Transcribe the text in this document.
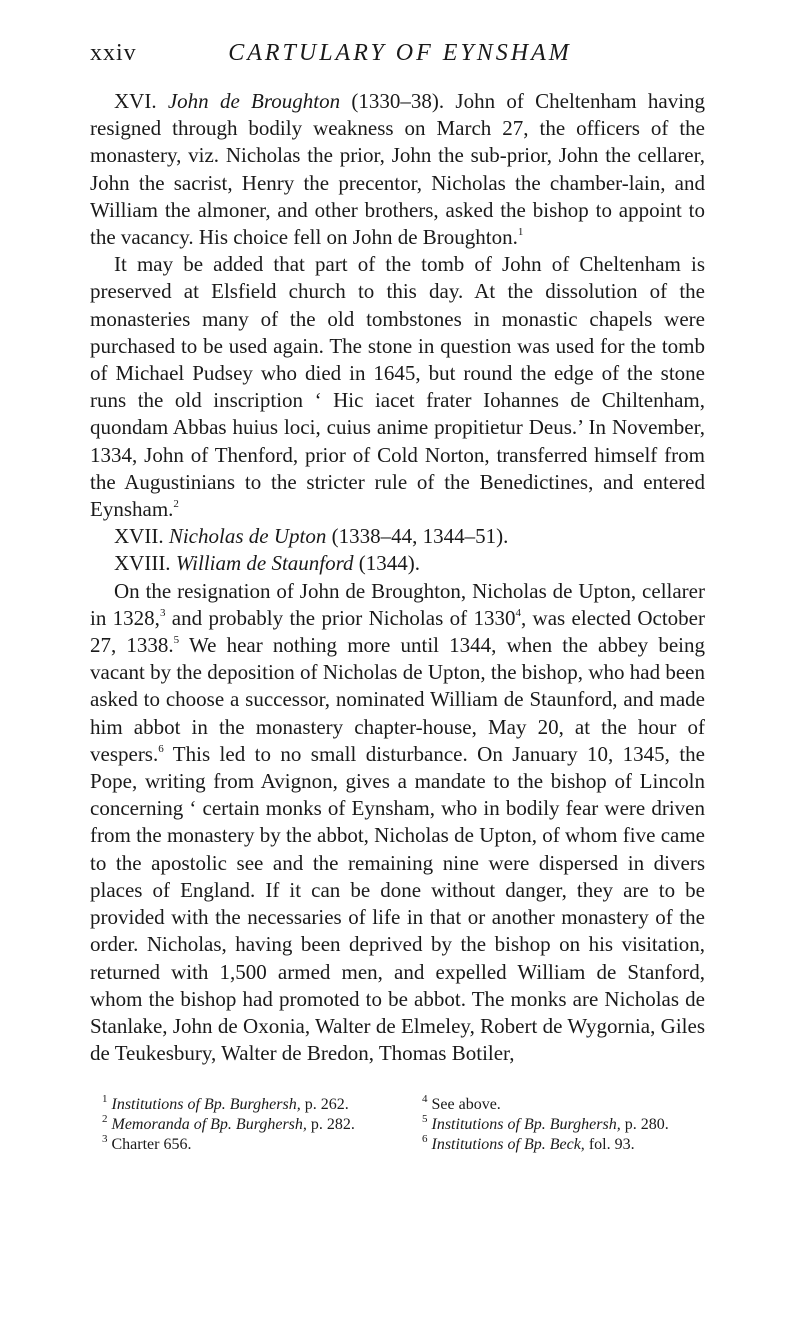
xxiv	CARTULARY OF EYNSHAM

XVI. John de Broughton (1330–38). John of Cheltenham having resigned through bodily weakness on March 27, the officers of the monastery, viz. Nicholas the prior, John the sub-prior, John the cellarer, John the sacrist, Henry the precentor, Nicholas the chamber-lain, and William the almoner, and other brothers, asked the bishop to appoint to the vacancy. His choice fell on John de Broughton.$^1$

It may be added that part of the tomb of John of Cheltenham is preserved at Elsfield church to this day. At the dissolution of the monasteries many of the old tombstones in monastic chapels were purchased to be used again. The stone in question was used for the tomb of Michael Pudsey who died in 1645, but round the edge of the stone runs the old inscription ‘ Hic iacet frater Iohannes de Chiltenham, quondam Abbas huius loci, cuius anime propitietur Deus.’ In November, 1334, John of Thenford, prior of Cold Norton, transferred himself from the Augustinians to the stricter rule of the Benedictines, and entered Eynsham.$^2$

XVII. Nicholas de Upton (1338–44, 1344–51).

XVIII. William de Staunford (1344).

On the resignation of John de Broughton, Nicholas de Upton, cellarer in 1328,$^3$ and probably the prior Nicholas of 1330$^4$, was elected October 27, 1338.$^5$ We hear nothing more until 1344, when the abbey being vacant by the deposition of Nicholas de Upton, the bishop, who had been asked to choose a successor, nominated William de Staunford, and made him abbot in the monastery chapter-house, May 20, at the hour of vespers.$^6$ This led to no small disturbance. On January 10, 1345, the Pope, writing from Avignon, gives a mandate to the bishop of Lincoln concerning ‘ certain monks of Eynsham, who in bodily fear were driven from the monastery by the abbot, Nicholas de Upton, of whom five came to the apostolic see and the remaining nine were dispersed in divers places of England. If it can be done without danger, they are to be provided with the necessaries of life in that or another monastery of the order. Nicholas, having been deprived by the bishop on his visitation, returned with 1,500 armed men, and expelled William de Stanford, whom the bishop had promoted to be abbot. The monks are Nicholas de Stanlake, John de Oxonia, Walter de Elmeley, Robert de Wygornia, Giles de Teukesbury, Walter de Bredon, Thomas Botiler,

$^1$ Institutions of Bp. Burghersh, p. 262.

$^2$ Memoranda of Bp. Burghersh, p. 282.

$^3$ Charter 656.

$^4$ See above.

$^5$ Institutions of Bp. Burghersh, p. 280.

$^6$ Institutions of Bp. Beck, fol. 93.
